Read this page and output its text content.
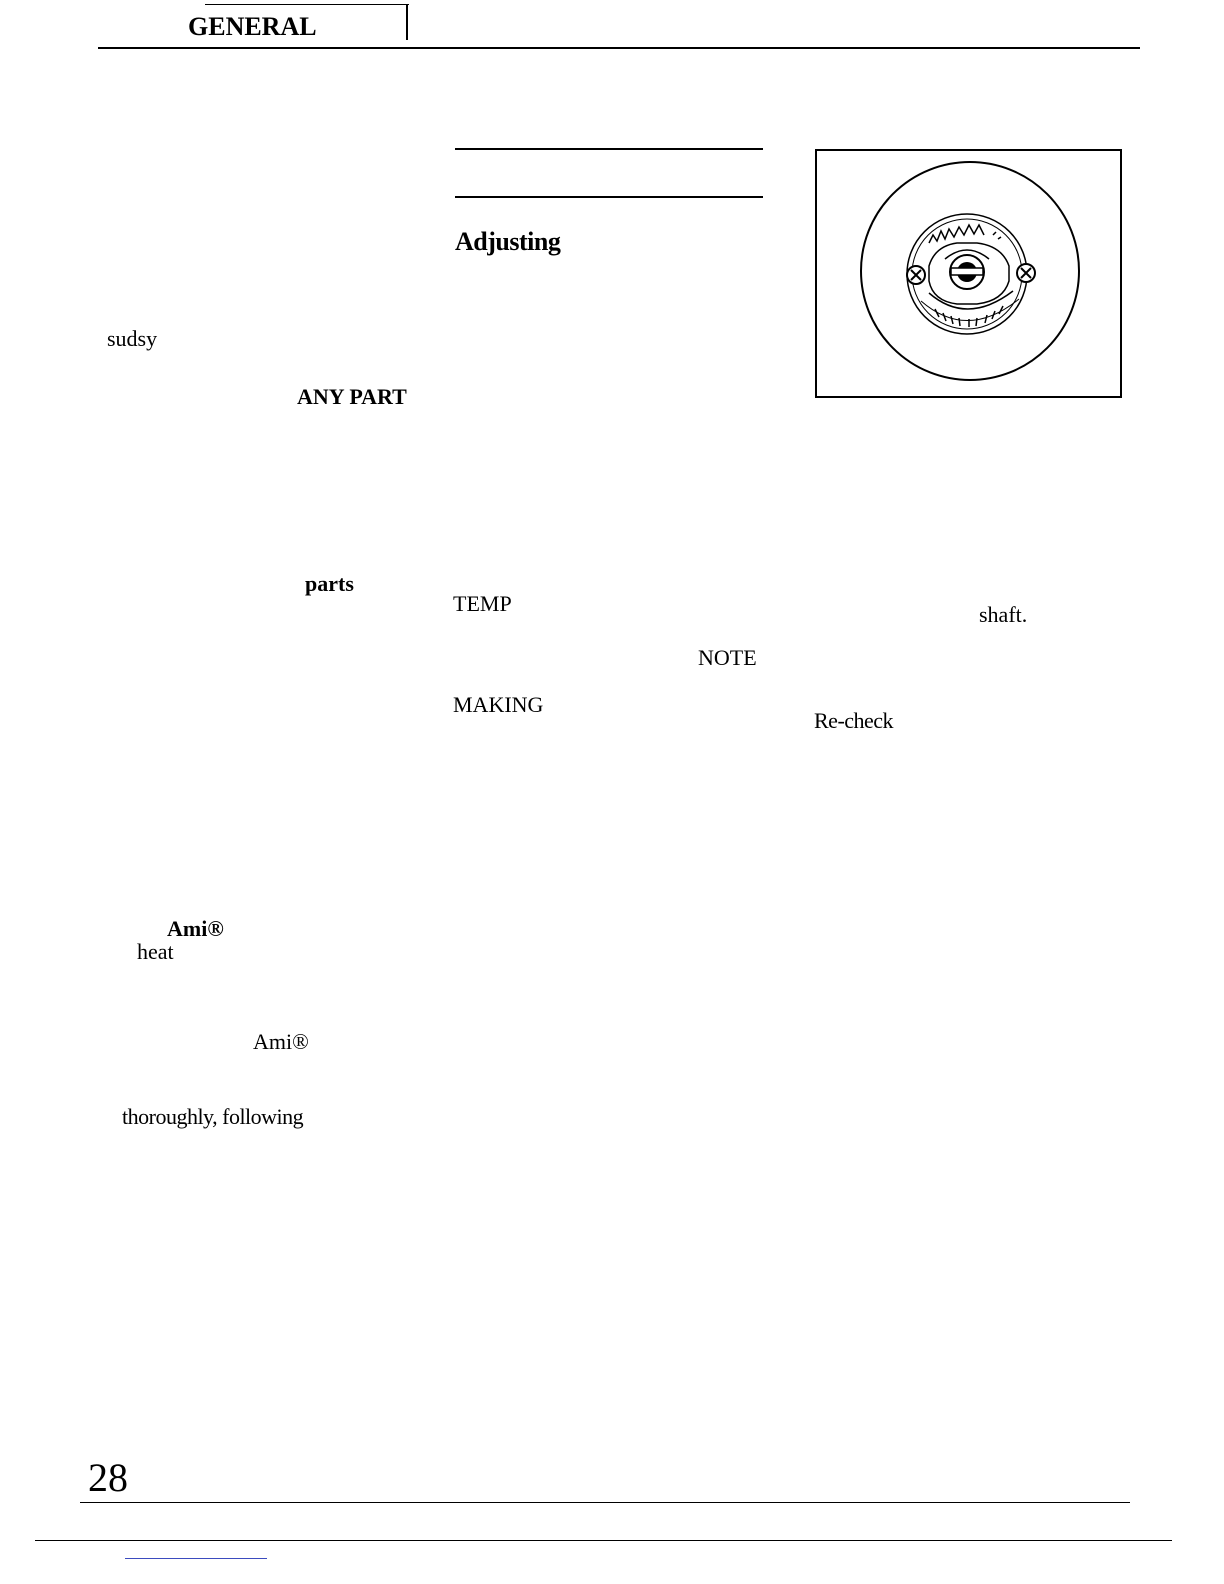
GENERAL
sudsy
ANY PART
parts
Ami®
heat
Ami®
thoroughly, following
Adjusting
TEMP
NOTE
MAKING
shaft.
Re-check
28
